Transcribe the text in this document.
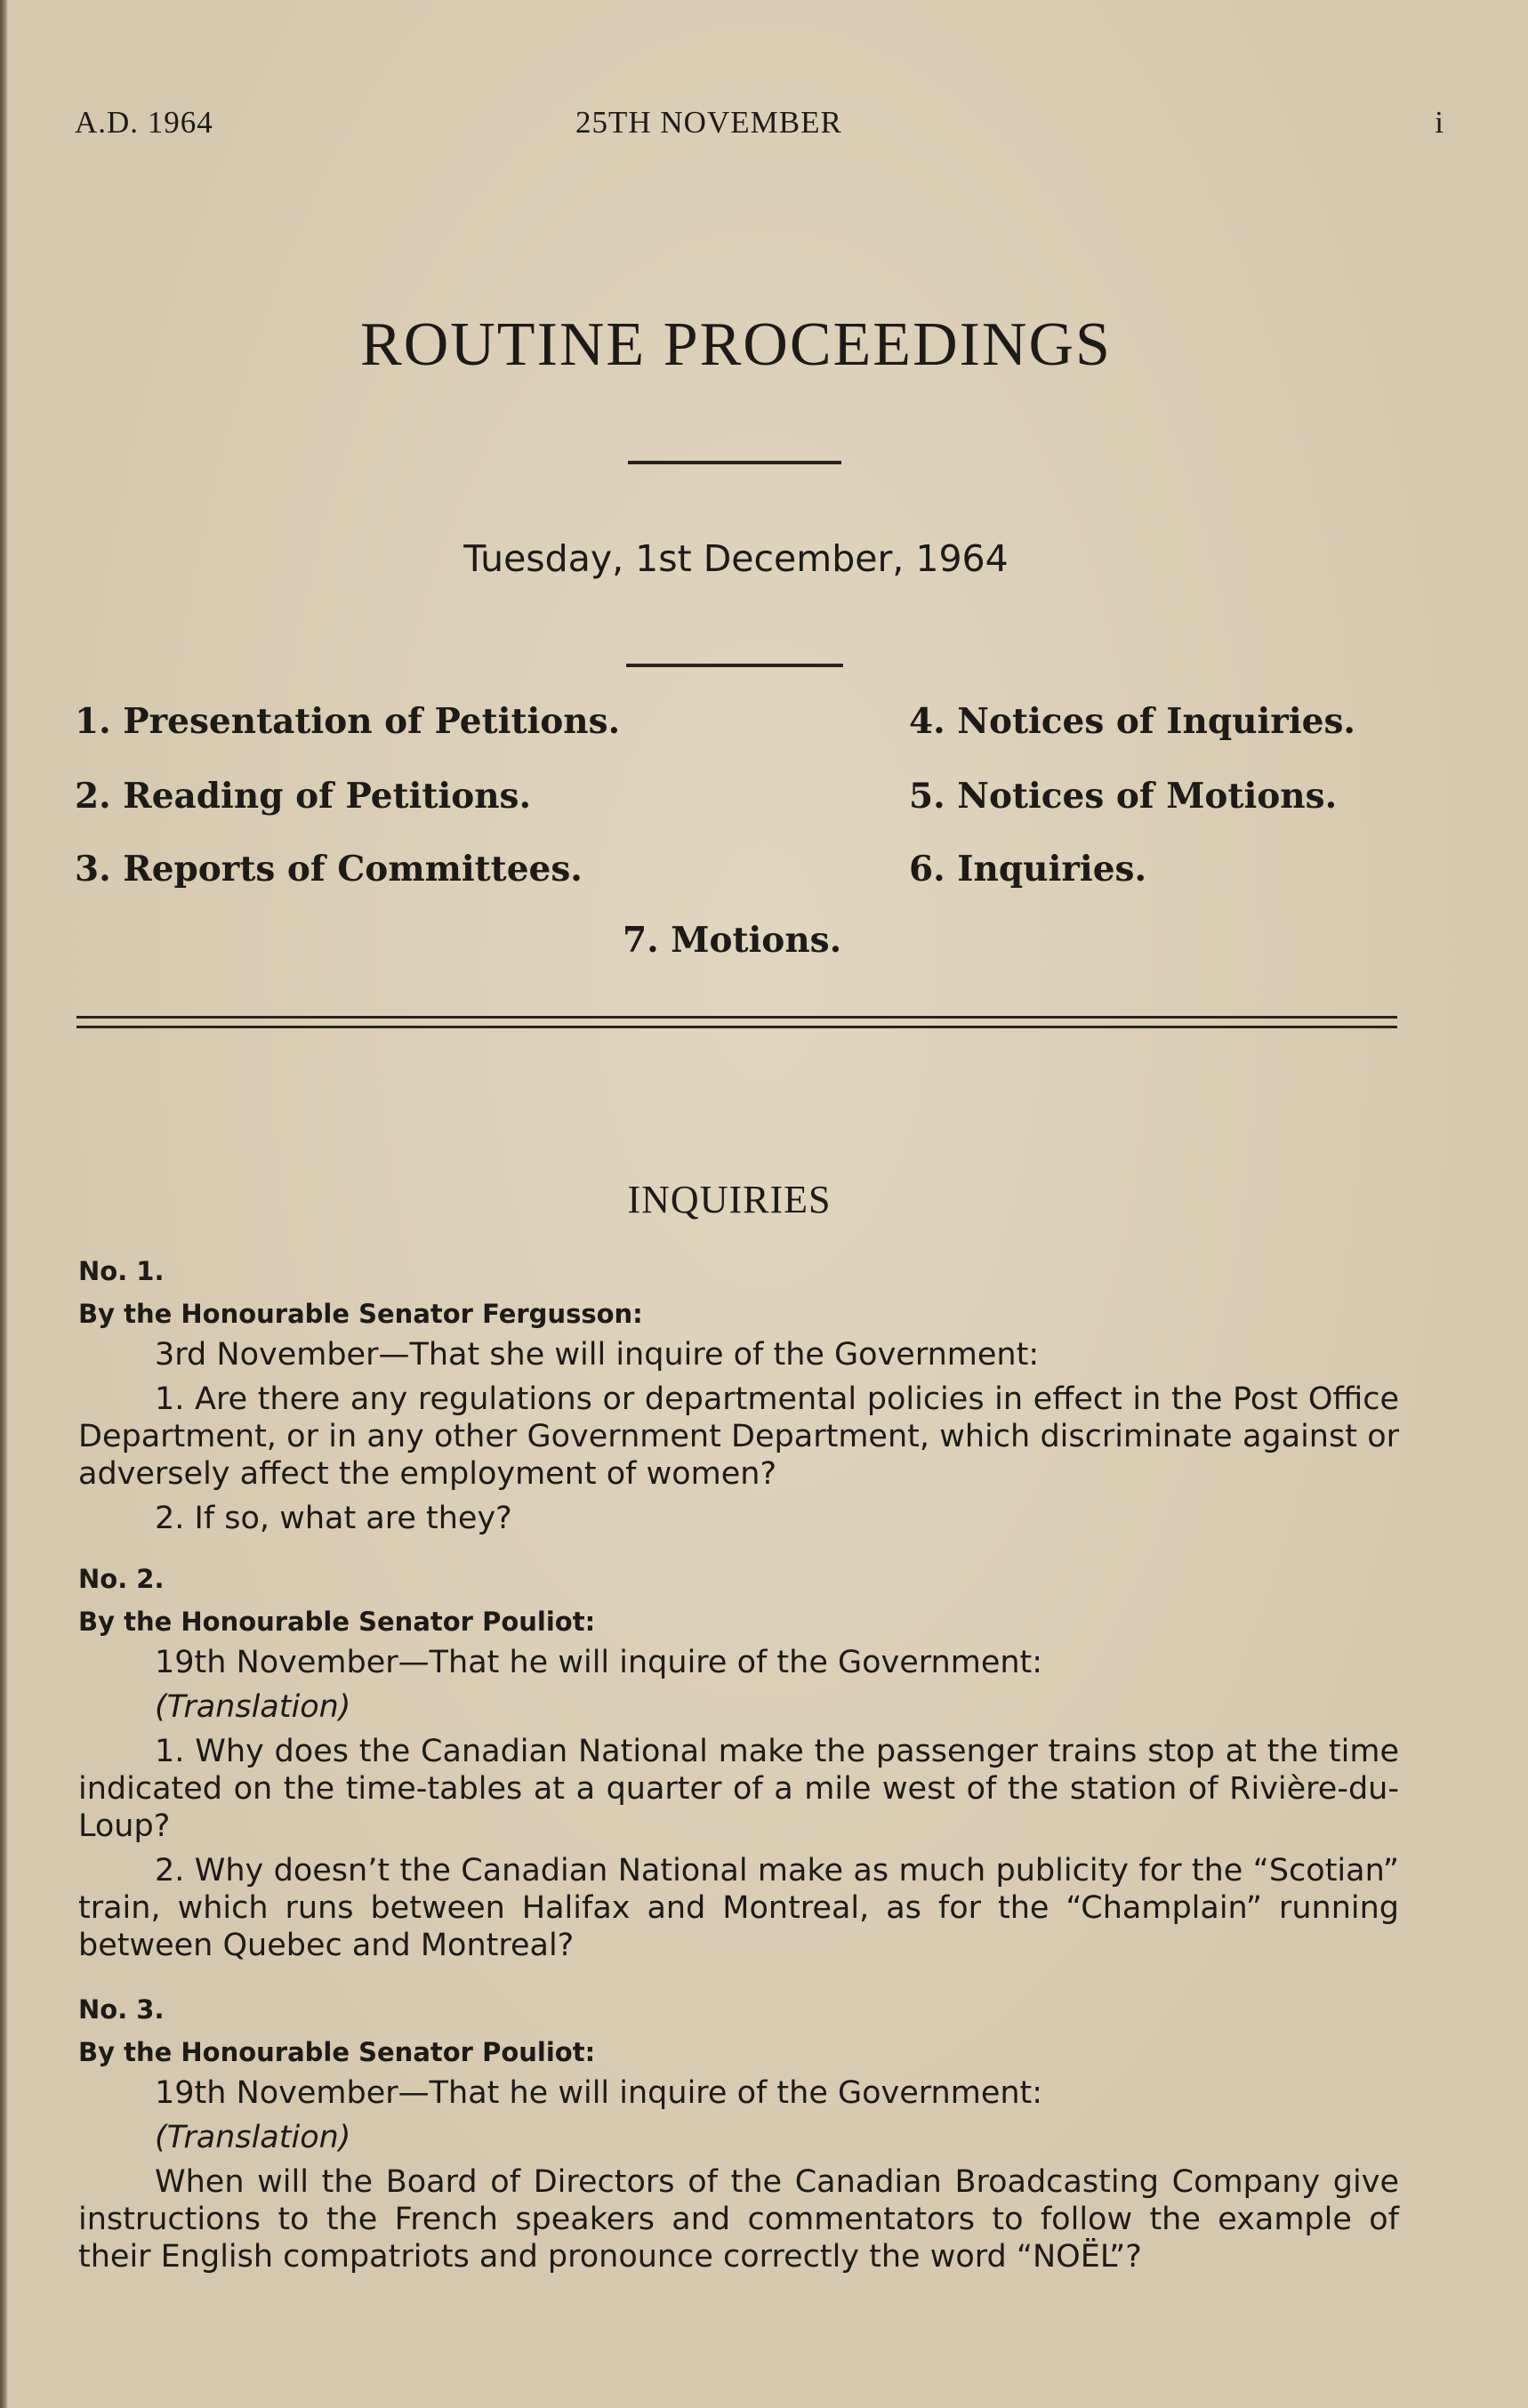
A.D. 1964	25TH NOVEMBER	i
ROUTINE PROCEEDINGS
Tuesday, 1st December, 1964
1. Presentation of Petitions.
2. Reading of Petitions.
3. Reports of Committees.
4. Notices of Inquiries.
5. Notices of Motions.
6. Inquiries.
7. Motions.
INQUIRIES
No. 1.
By the Honourable Senator Fergusson:

3rd November—That she will inquire of the Government:

1. Are there any regulations or departmental policies in effect in the Post Office Department, or in any other Government Department, which discriminate against or adversely affect the employment of women?

2. If so, what are they?

No. 2.
By the Honourable Senator Pouliot:

19th November—That he will inquire of the Government:

(Translation)

1. Why does the Canadian National make the passenger trains stop at the time indicated on the time-tables at a quarter of a mile west of the station of Rivière-du-Loup?

2. Why doesn’t the Canadian National make as much publicity for the “Scotian” train, which runs between Halifax and Montreal, as for the “Champlain” running between Quebec and Montreal?

No. 3.
By the Honourable Senator Pouliot:

19th November—That he will inquire of the Government:

(Translation)

When will the Board of Directors of the Canadian Broadcasting Company give instructions to the French speakers and commentators to follow the example of their English compatriots and pronounce correctly the word “NOËL”?
